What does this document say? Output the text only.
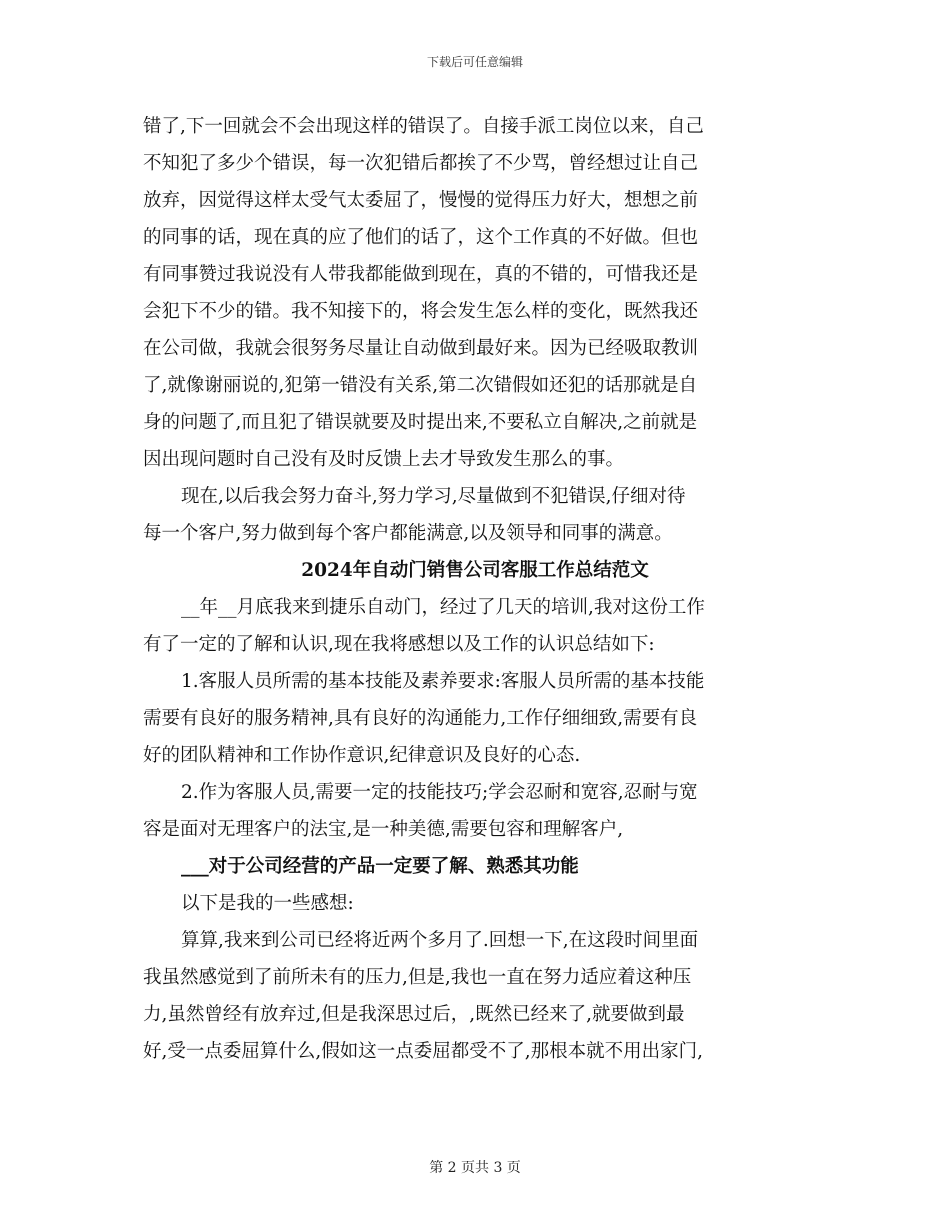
下载后可任意编辑
错了,下一回就会不会出现这样的错误了。自接手派工岗位以来，自己
不知犯了多少个错误，每一次犯错后都挨了不少骂，曾经想过让自己
放弃，因觉得这样太受气太委屈了，慢慢的觉得压力好大，想想之前
的同事的话，现在真的应了他们的话了，这个工作真的不好做。但也
有同事赞过我说没有人带我都能做到现在，真的不错的，可惜我还是
会犯下不少的错。我不知接下的，将会发生怎么样的变化，既然我还
在公司做，我就会很努务尽量让自动做到最好来。因为已经吸取教训
了,就像谢丽说的,犯第一错没有关系,第二次错假如还犯的话那就是自
身的问题了,而且犯了错误就要及时提出来,不要私立自解决,之前就是
因出现问题时自己没有及时反馈上去才导致发生那么的事。
现在,以后我会努力奋斗,努力学习,尽量做到不犯错误,仔细对待
每一个客户,努力做到每个客户都能满意,以及领导和同事的满意。
2024年自动门销售公司客服工作总结范文
__年__月底我来到捷乐自动门，经过了几天的培训,我对这份工作
有了一定的了解和认识,现在我将感想以及工作的认识总结如下:
1.客服人员所需的基本技能及素养要求:客服人员所需的基本技能
需要有良好的服务精神,具有良好的沟通能力,工作仔细细致,需要有良
好的团队精神和工作协作意识,纪律意识及良好的心态.
2.作为客服人员,需要一定的技能技巧;学会忍耐和宽容,忍耐与宽
容是面对无理客户的法宝,是一种美德,需要包容和理解客户,
___对于公司经营的产品一定要了解、熟悉其功能
以下是我的一些感想:
算算,我来到公司已经将近两个多月了.回想一下,在这段时间里面
我虽然感觉到了前所未有的压力,但是,我也一直在努力适应着这种压
力,虽然曾经有放弃过,但是我深思过后，,既然已经来了,就要做到最
好,受一点委屈算什么,假如这一点委屈都受不了,那根本就不用出家门,
第 2 页共 3 页
